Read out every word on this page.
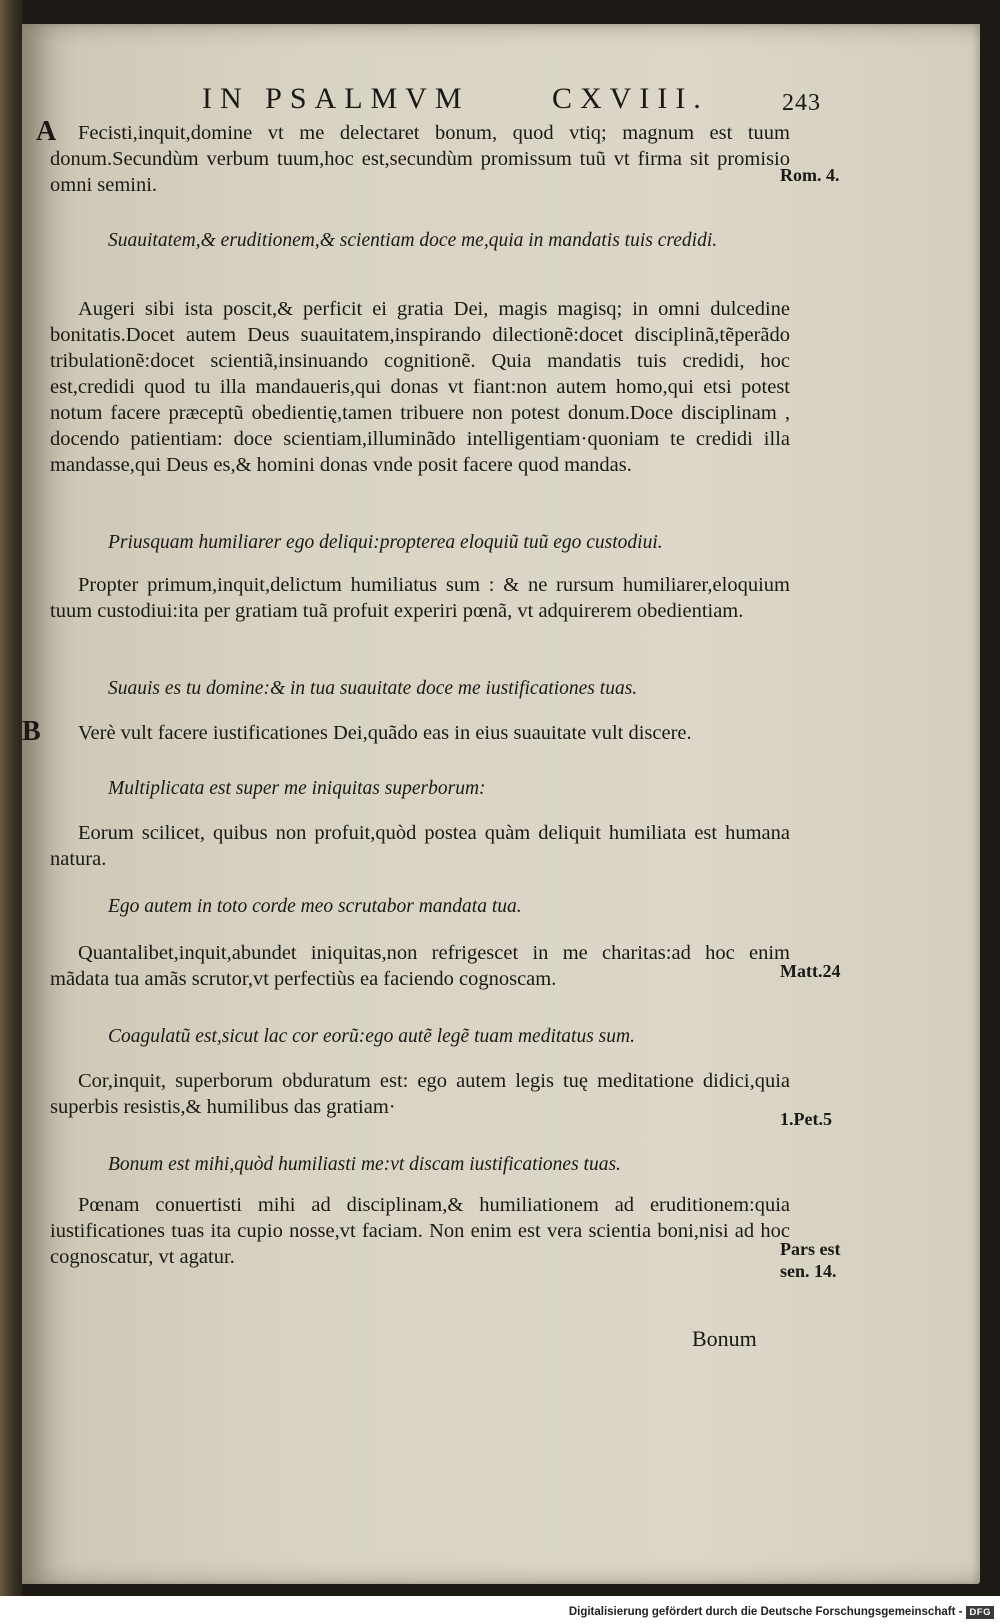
IN PSALMVM	CXVIII.	243
A
B
Fecisti,inquit,domine vt me delectaret bonum, quod vtiq; magnum est tuum donum.Secundùm verbum tuum,hoc est,secundùm promissum tuũ vt firma sit promisio omni semini.
Suauitatem,& eruditionem,& scientiam doce me,quia in mandatis tuis credidi.
Augeri sibi ista poscit,& perficit ei gratia Dei, magis magisq; in omni dulcedine bonitatis.Docet autem Deus suauitatem,inspirando dilectionẽ:docet disciplinã,tẽperãdo tribulationẽ:docet scientiã,insinuando cognitionẽ. Quia mandatis tuis credidi, hoc est,credidi quod tu illa mandaueris,qui donas vt fiant:non autem homo,qui etsi potest notum facere præceptũ obedientię,tamen tribuere non potest donum.Doce disciplinam , docendo patientiam: doce scientiam,illuminãdo intelligentiam·quoniam te credidi illa mandasse,qui Deus es,& homini donas vnde posit facere quod mandas.
Priusquam humiliarer ego deliqui:propterea eloquiũ tuũ ego custodiui.
Propter primum,inquit,delictum humiliatus sum : & ne rursum humiliarer,eloquium tuum custodiui:ita per gratiam tuã profuit experiri pœnã, vt adquirerem obedientiam.
Suauis es tu domine:& in tua suauitate doce me iustificationes tuas.
Verè vult facere iustificationes Dei,quãdo eas in eius suauitate vult discere.
Multiplicata est super me iniquitas superborum:
Eorum scilicet, quibus non profuit,quòd postea quàm deliquit humiliata est humana natura.
Ego autem in toto corde meo scrutabor mandata tua.
Quantalibet,inquit,abundet iniquitas,non refrigescet in me charitas:ad hoc enim mãdata tua amãs scrutor,vt perfectiùs ea faciendo cognoscam.
Coagulatũ est,sicut lac cor eorũ:ego autẽ legẽ tuam meditatus sum.
Cor,inquit, superborum obduratum est: ego autem legis tuę meditatione didici,quia superbis resistis,& humilibus das gratiam·
Bonum est mihi,quòd humiliasti me:vt discam iustificationes tuas.
Pœnam conuertisti mihi ad disciplinam,& humiliationem ad eruditionem:quia iustificationes tuas ita cupio nosse,vt faciam. Non enim est vera scientia boni,nisi ad hoc cognoscatur, vt agatur.
Rom. 4.
Matt.24
1.Pet.5
Pars est sen. 14.
Bonum
Digitalisierung gefördert durch die Deutsche Forschungsgemeinschaft - DFG
